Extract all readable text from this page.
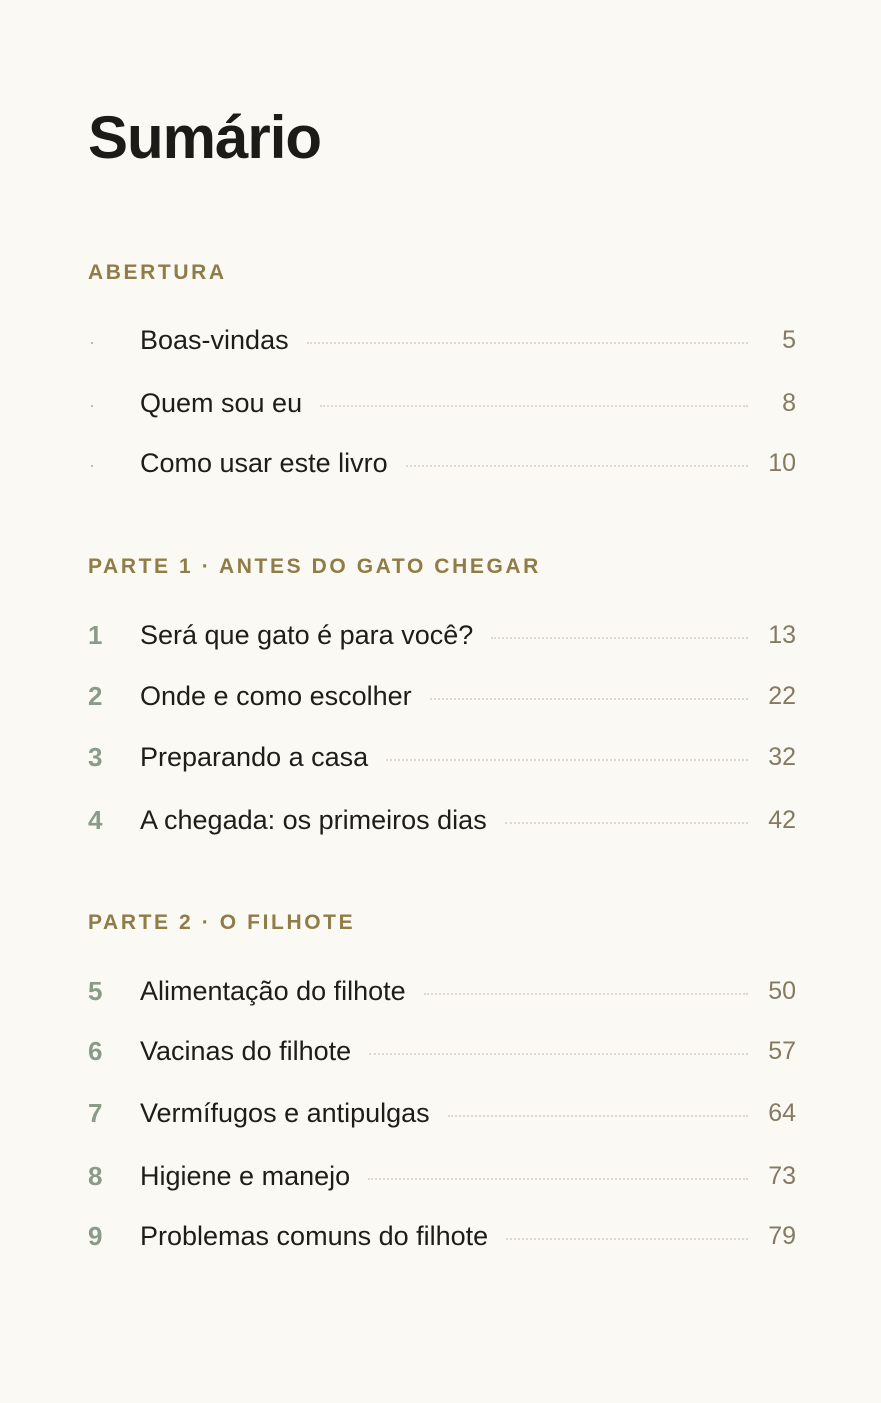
Sumário
ABERTURA
·	Boas-vindas	5
·	Quem sou eu	8
·	Como usar este livro	10
PARTE 1 · ANTES DO GATO CHEGAR
1	Será que gato é para você?	13
2	Onde e como escolher	22
3	Preparando a casa	32
4	A chegada: os primeiros dias	42
PARTE 2 · O FILHOTE
5	Alimentação do filhote	50
6	Vacinas do filhote	57
7	Vermífugos e antipulgas	64
8	Higiene e manejo	73
9	Problemas comuns do filhote	79
